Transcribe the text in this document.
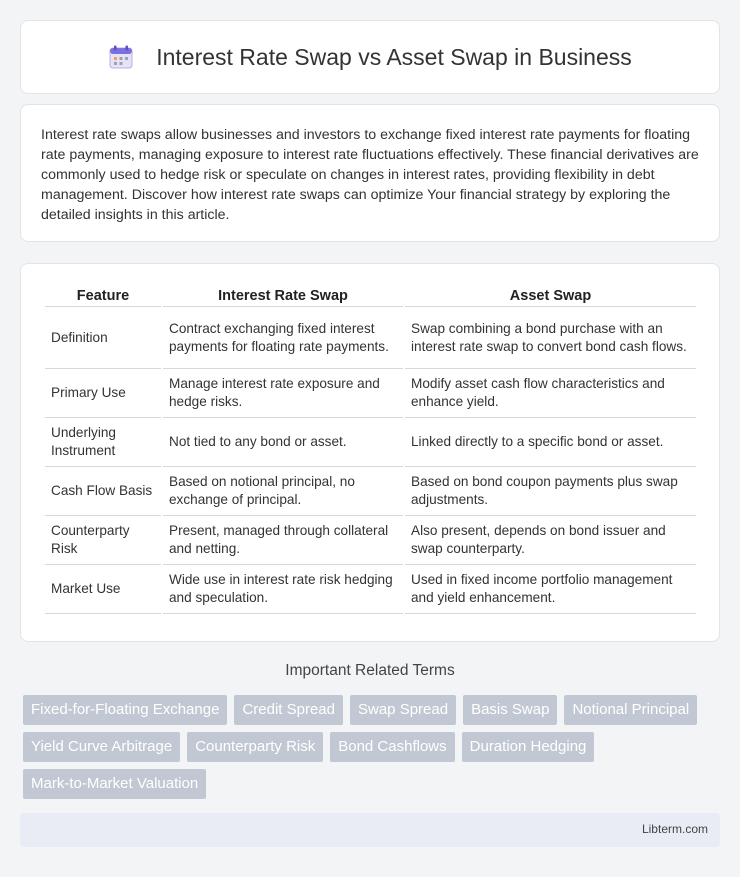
Interest Rate Swap vs Asset Swap in Business

Interest rate swaps allow businesses and investors to exchange fixed interest rate payments for floating rate payments, managing exposure to interest rate fluctuations effectively. These financial derivatives are commonly used to hedge risk or speculate on changes in interest rates, providing flexibility in debt management. Discover how interest rate swaps can optimize Your financial strategy by exploring the detailed insights in this article.

Feature	Interest Rate Swap	Asset Swap
Definition	Contract exchanging fixed interest payments for floating rate payments.	Swap combining a bond purchase with an interest rate swap to convert bond cash flows.
Primary Use	Manage interest rate exposure and hedge risks.	Modify asset cash flow characteristics and enhance yield.
Underlying Instrument	Not tied to any bond or asset.	Linked directly to a specific bond or asset.
Cash Flow Basis	Based on notional principal, no exchange of principal.	Based on bond coupon payments plus swap adjustments.
Counterparty Risk	Present, managed through collateral and netting.	Also present, depends on bond issuer and swap counterparty.
Market Use	Wide use in interest rate risk hedging and speculation.	Used in fixed income portfolio management and yield enhancement.
Important Related Terms
Fixed-for-Floating Exchange	Credit Spread	Swap Spread	Basis Swap	Notional Principal
Yield Curve Arbitrage	Counterparty Risk	Bond Cashflows	Duration Hedging
Mark-to-Market Valuation
Libterm.com
